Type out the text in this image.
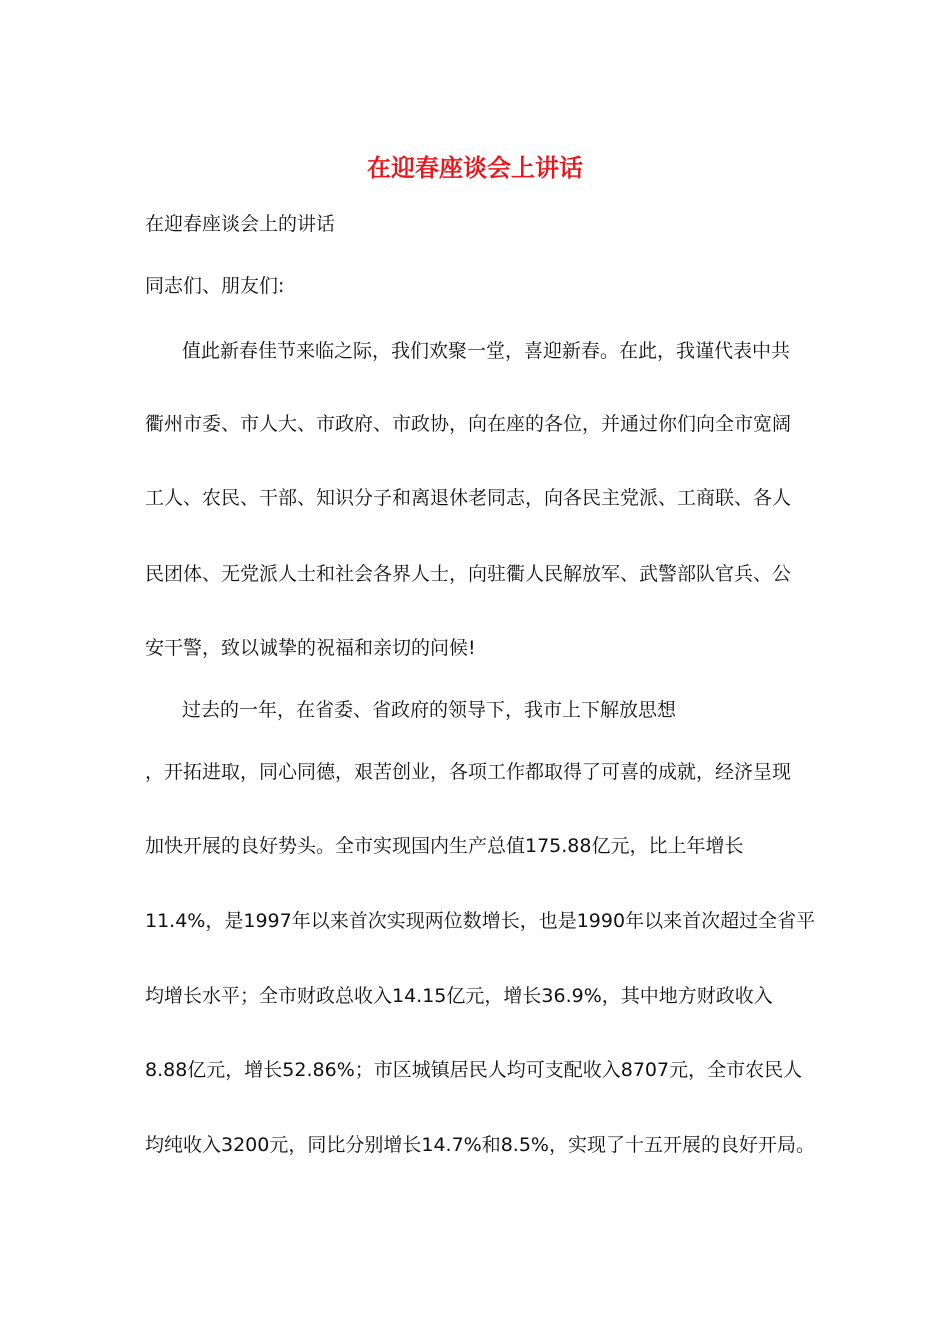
在迎春座谈会上讲话
在迎春座谈会上的讲话
同志们、朋友们:
值此新春佳节来临之际，我们欢聚一堂，喜迎新春。在此，我谨代表中共
衢州市委、市人大、市政府、市政协，向在座的各位，并通过你们向全市宽阔
工人、农民、干部、知识分子和离退休老同志，向各民主党派、工商联、各人
民团体、无党派人士和社会各界人士，向驻衢人民解放军、武警部队官兵、公
安干警，致以诚挚的祝福和亲切的问候!
过去的一年，在省委、省政府的领导下，我市上下解放思想
，开拓进取，同心同德，艰苦创业，各项工作都取得了可喜的成就，经济呈现
加快开展的良好势头。全市实现国内生产总值175.88亿元，比上年增长
11.4%，是1997年以来首次实现两位数增长，也是1990年以来首次超过全省平
均增长水平；全市财政总收入14.15亿元，增长36.9%，其中地方财政收入
8.88亿元，增长52.86%；市区城镇居民人均可支配收入8707元，全市农民人
均纯收入3200元，同比分别增长14.7%和8.5%，实现了十五开展的良好开局。
